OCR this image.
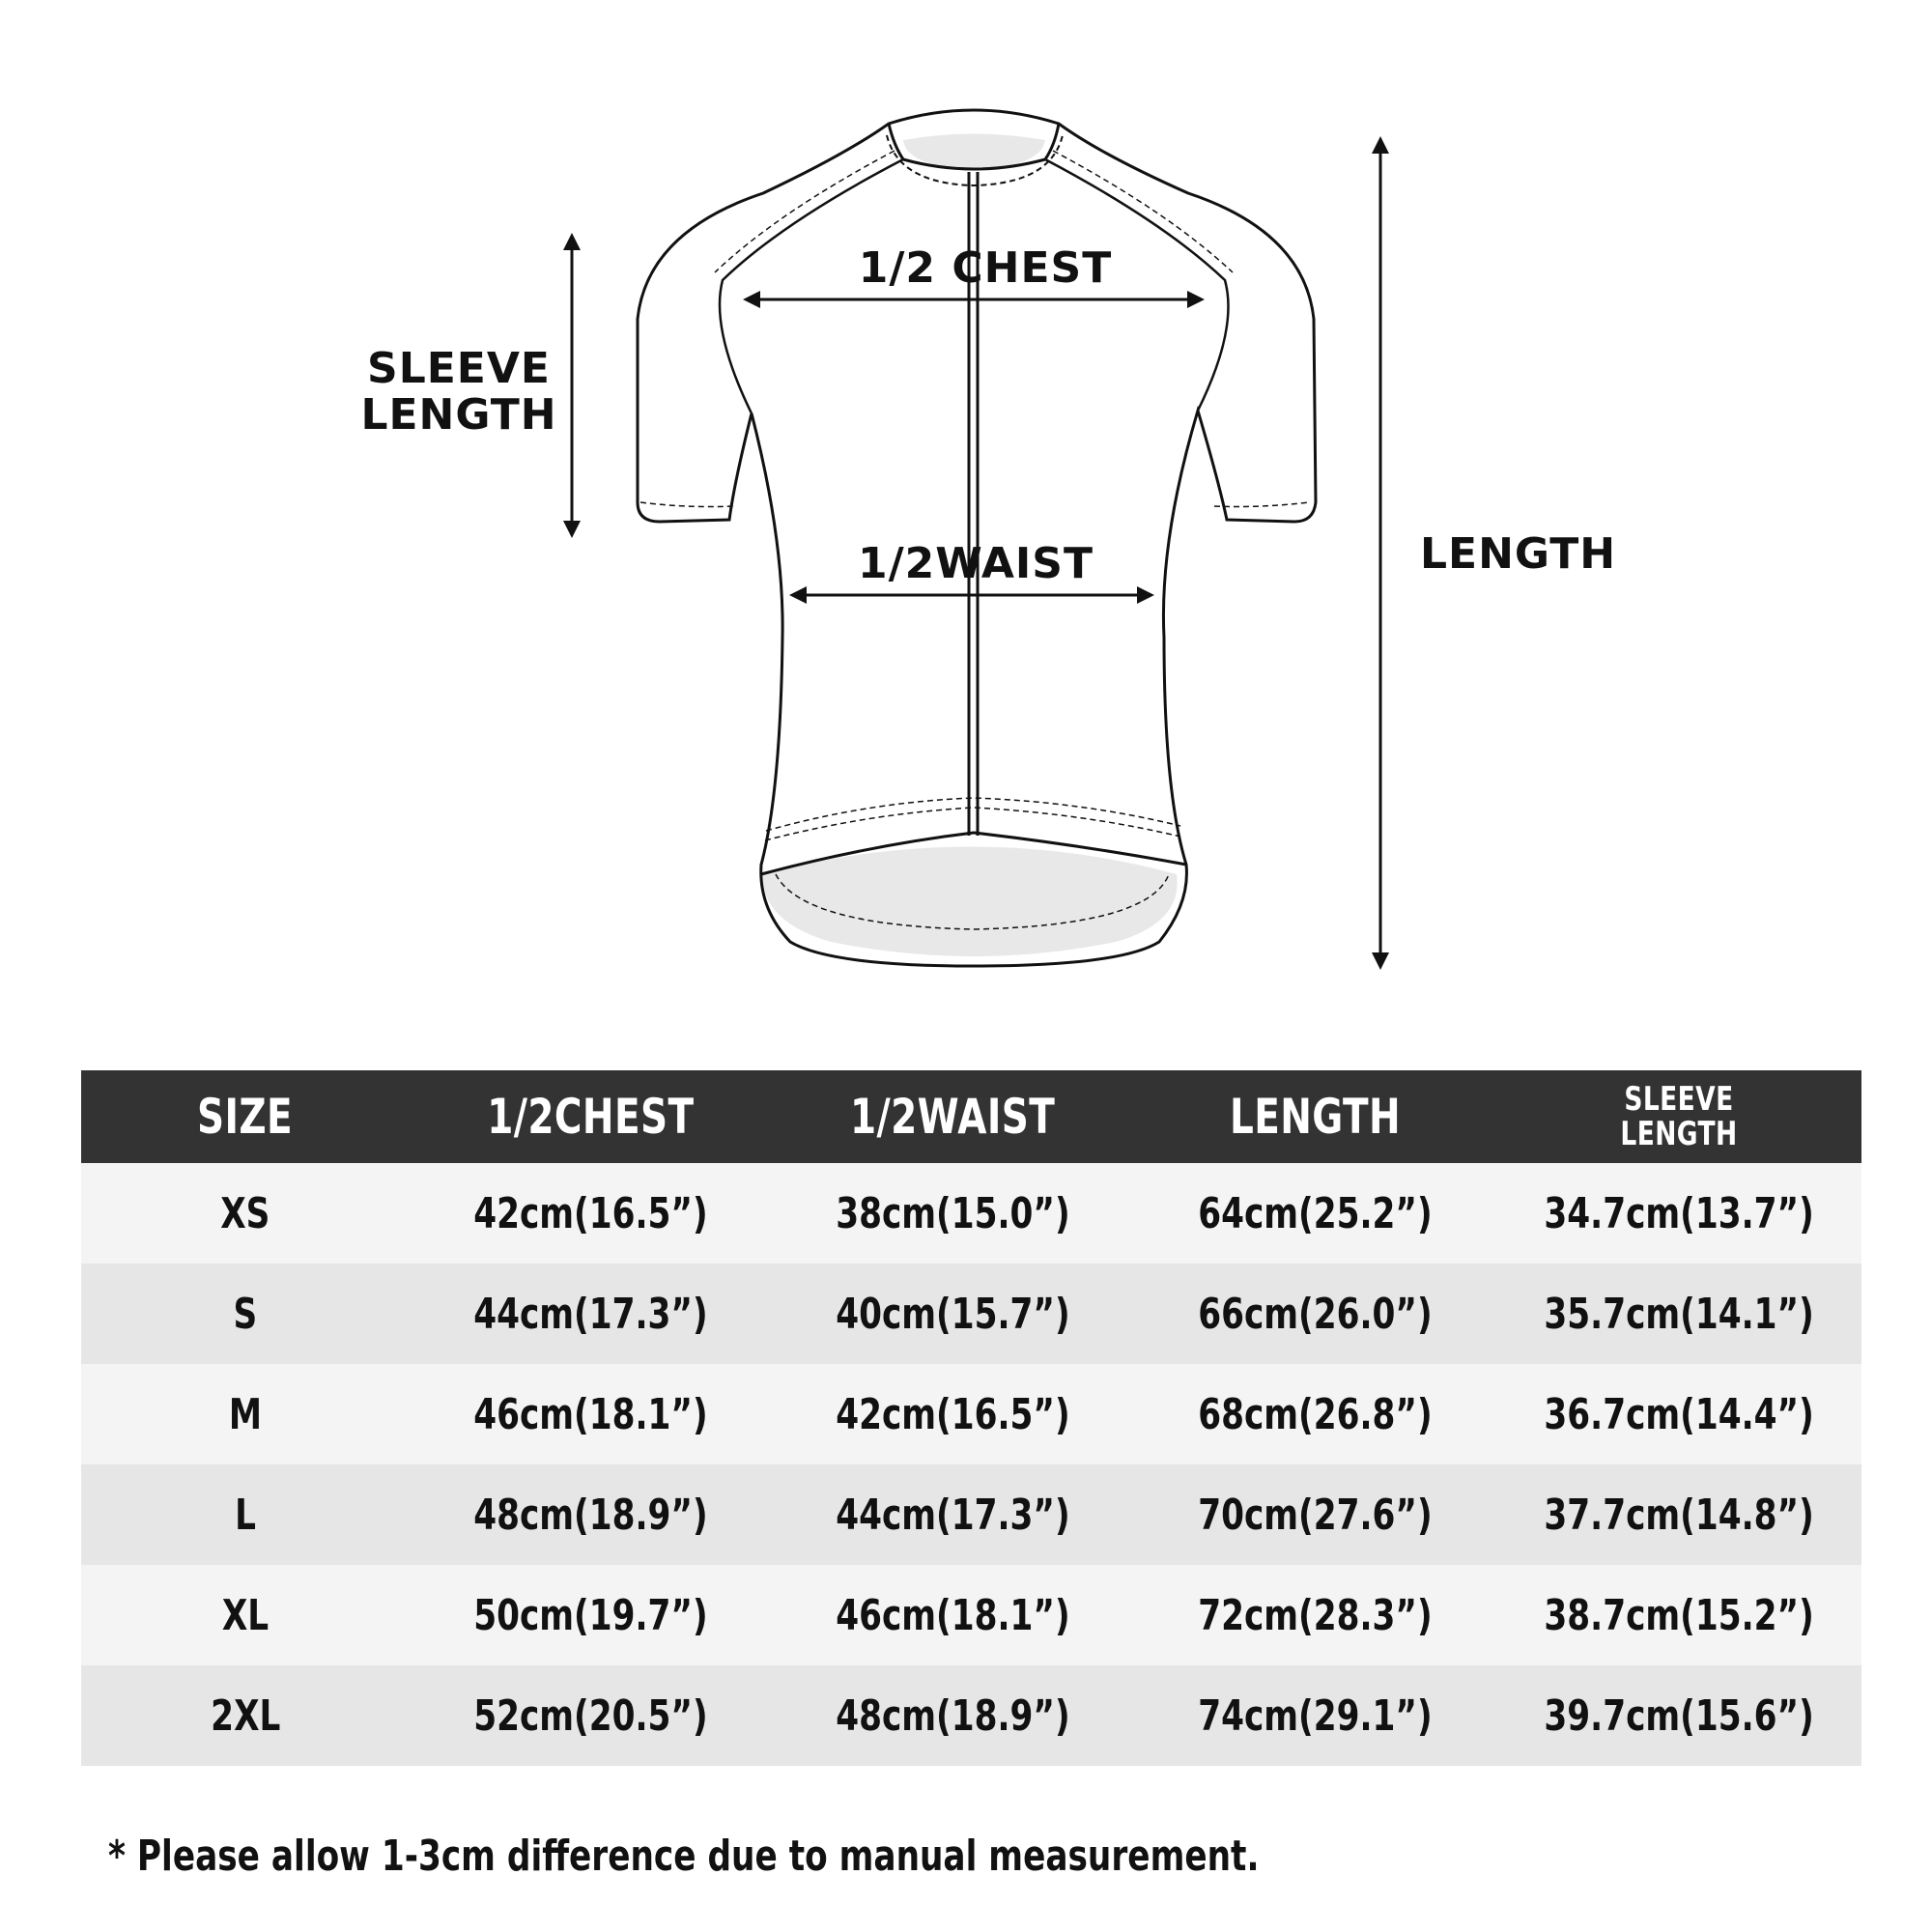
SLEEVE
LENGTH
1/2 CHEST
1/2WAIST	LENGTH
SIZE	1/2CHEST	1/2WAIST	LENGTH	SLEEVE
LENGTH

XS	42cm(16.5”)	38cm(15.0”)	64cm(25.2”)	34.7cm(13.7”)
S	44cm(17.3”)	40cm(15.7”)	66cm(26.0”)	35.7cm(14.1”)
M	46cm(18.1”)	42cm(16.5”)	68cm(26.8”)	36.7cm(14.4”)
L	48cm(18.9”)	44cm(17.3”)	70cm(27.6”)	37.7cm(14.8”)
XL	50cm(19.7”)	46cm(18.1”)	72cm(28.3”)	38.7cm(15.2”)
2XL	52cm(20.5”)	48cm(18.9”)	74cm(29.1”)	39.7cm(15.6”)
* Please allow 1-3cm difference due to manual measurement.
